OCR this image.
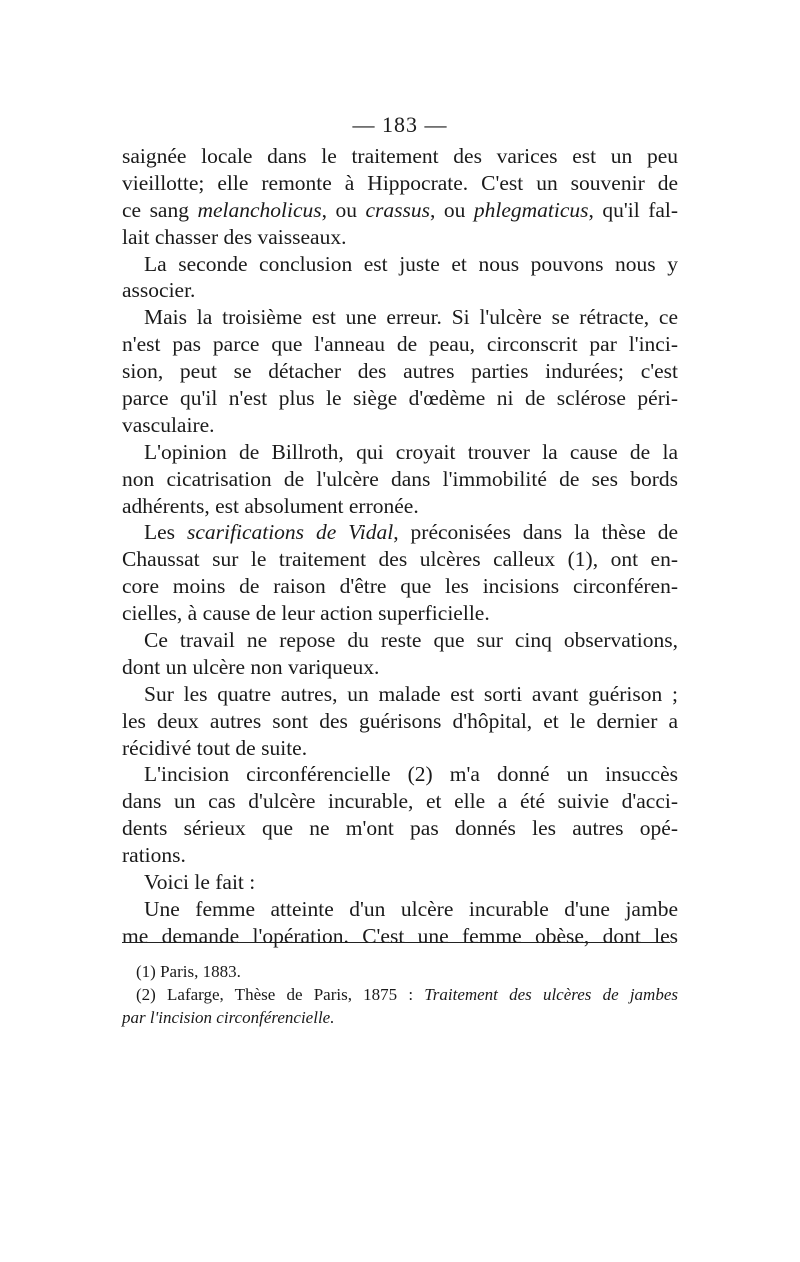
— 183 —
saignée locale dans le traitement des varices est un peu
vieillotte; elle remonte à Hippocrate. C'est un souvenir de
ce sang melancholicus, ou crassus, ou phlegmaticus, qu'il fal-
lait chasser des vaisseaux.
La seconde conclusion est juste et nous pouvons nous y
associer.
Mais la troisième est une erreur. Si l'ulcère se rétracte, ce
n'est pas parce que l'anneau de peau, circonscrit par l'inci-
sion, peut se détacher des autres parties indurées; c'est
parce qu'il n'est plus le siège d'œdème ni de sclérose péri-
vasculaire.
L'opinion de Billroth, qui croyait trouver la cause de la
non cicatrisation de l'ulcère dans l'immobilité de ses bords
adhérents, est absolument erronée.
Les scarifications de Vidal, préconisées dans la thèse de
Chaussat sur le traitement des ulcères calleux (1), ont en-
core moins de raison d'être que les incisions circonféren-
cielles, à cause de leur action superficielle.
Ce travail ne repose du reste que sur cinq observations,
dont un ulcère non variqueux.
Sur les quatre autres, un malade est sorti avant guérison ;
les deux autres sont des guérisons d'hôpital, et le dernier a
récidivé tout de suite.
L'incision circonférencielle (2) m'a donné un insuccès
dans un cas d'ulcère incurable, et elle a été suivie d'acci-
dents sérieux que ne m'ont pas donnés les autres opé-
rations.
Voici le fait :
Une femme atteinte d'un ulcère incurable d'une jambe
me demande l'opération. C'est une femme obèse, dont les
(1) Paris, 1883.
(2) Lafarge, Thèse de Paris, 1875 : Traitement des ulcères de jambes
par l'incision circonférencielle.
